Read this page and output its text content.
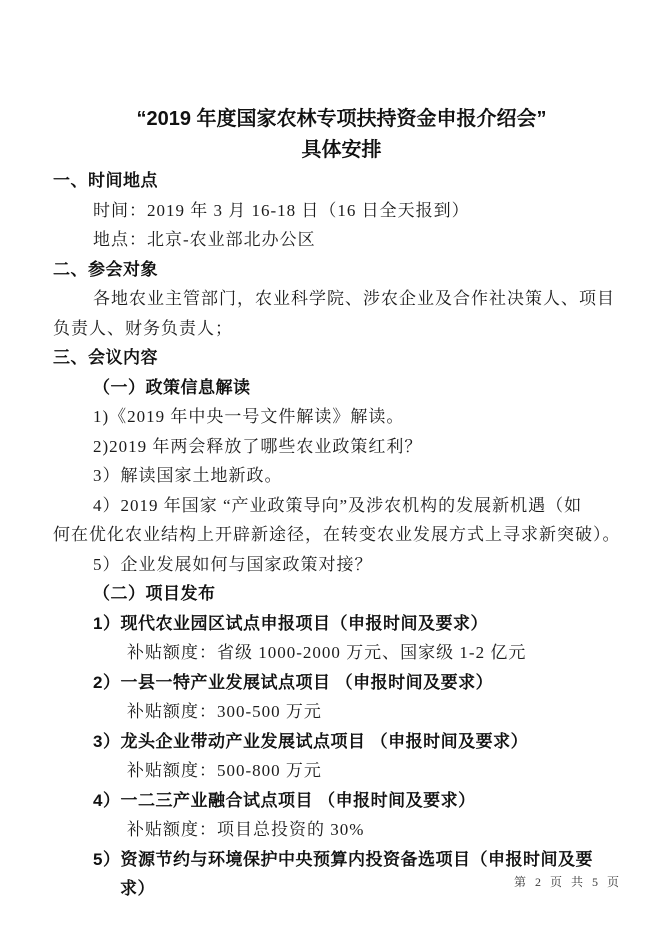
“2019 年度国家农林专项扶持资金申报介绍会”
具体安排
一、时间地点
时间：2019 年 3 月 16-18 日（16 日全天报到）
地点：北京-农业部北办公区
二、参会对象
各地农业主管部门，农业科学院、涉农企业及合作社决策人、项目
负责人、财务负责人；
三、会议内容
（一）政策信息解读
1)《2019 年中央一号文件解读》解读。
2)2019 年两会释放了哪些农业政策红利？
3）解读国家土地新政。
4）2019 年国家 “产业政策导向”及涉农机构的发展新机遇（如
何在优化农业结构上开辟新途径，在转变农业发展方式上寻求新突破）。
5）企业发展如何与国家政策对接？
（二）项目发布
1）现代农业园区试点申报项目（申报时间及要求）
补贴额度：省级 1000-2000 万元、国家级 1-2 亿元
2）一县一特产业发展试点项目 （申报时间及要求）
补贴额度：300-500 万元
3）龙头企业带动产业发展试点项目 （申报时间及要求）
补贴额度：500-800 万元
4）一二三产业融合试点项目 （申报时间及要求）
补贴额度：项目总投资的 30%
5）资源节约与环境保护中央预算内投资备选项目（申报时间及要
求）	第 2 页 共 5 页
